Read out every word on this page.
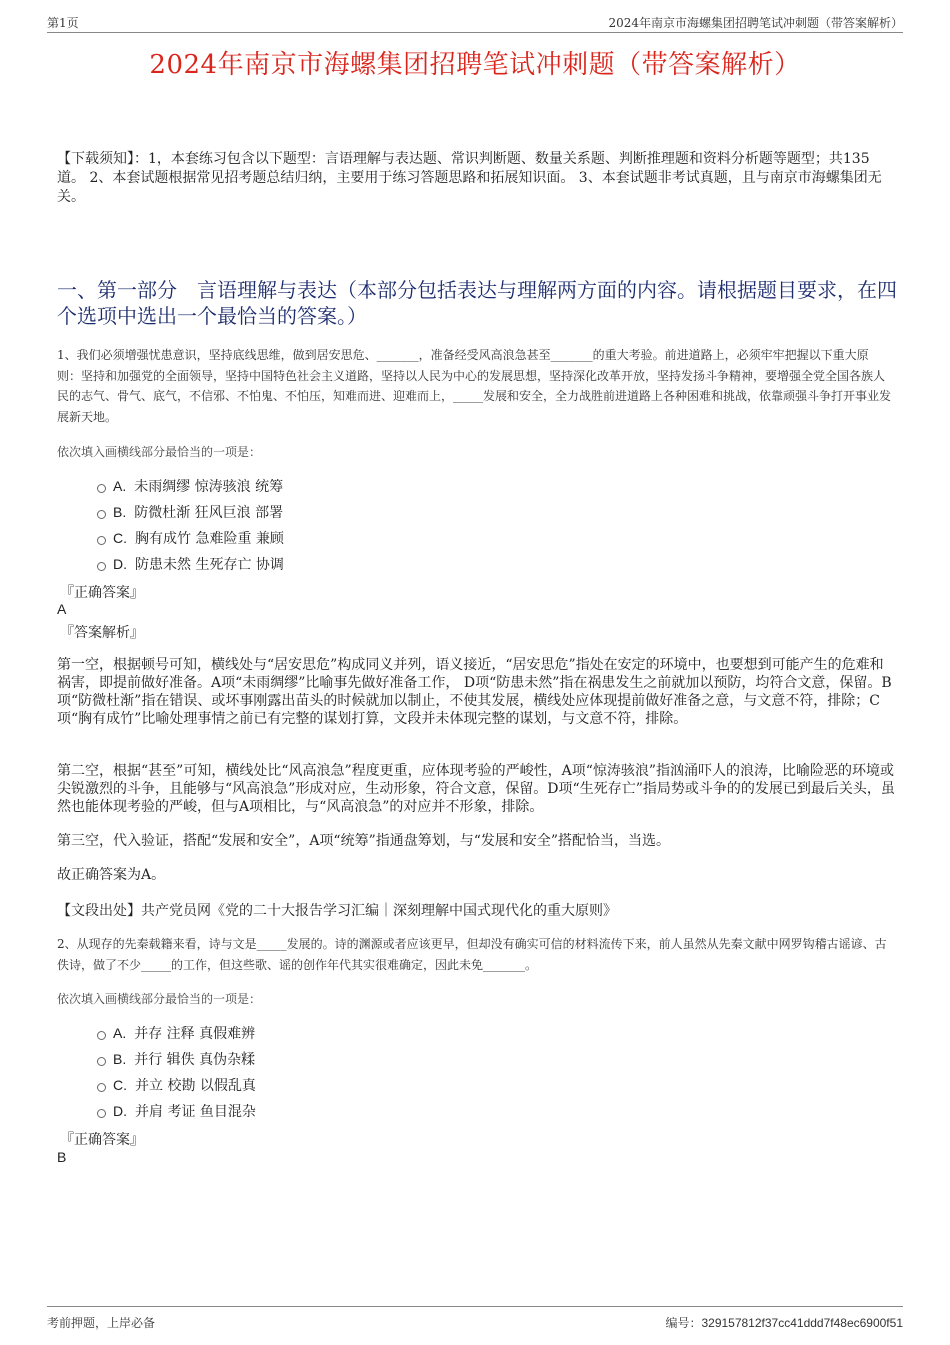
第1页	2024年南京市海螺集团招聘笔试冲刺题（带答案解析）
2024年南京市海螺集团招聘笔试冲刺题（带答案解析）
【下载须知】：1，本套练习包含以下题型：言语理解与表达题、常识判断题、数量关系题、判断推理题和资料分析题等题型；共135道。 2、本套试题根据常见招考题总结归纳，主要用于练习答题思路和拓展知识面。 3、本套试题非考试真题，且与南京市海螺集团无关。
一、第一部分　言语理解与表达（本部分包括表达与理解两方面的内容。请根据题目要求，在四个选项中选出一个最恰当的答案。）
1、我们必须增强忧患意识，坚持底线思维，做到居安思危、_______，准备经受风高浪急甚至_______的重大考验。前进道路上，必须牢牢把握以下重大原则：坚持和加强党的全面领导，坚持中国特色社会主义道路，坚持以人民为中心的发展思想，坚持深化改革开放，坚持发扬斗争精神，要增强全党全国各族人民的志气、骨气、底气，不信邪、不怕鬼、不怕压，知难而进、迎难而上，_____发展和安全，全力战胜前进道路上各种困难和挑战，依靠顽强斗争打开事业发展新天地。
依次填入画横线部分最恰当的一项是：
A. 未雨绸缪 惊涛骇浪 统筹
B. 防微杜渐 狂风巨浪 部署
C. 胸有成竹 急难险重 兼顾
D. 防患未然 生死存亡 协调
『正确答案』
A
『答案解析』
第一空，根据顿号可知，横线处与“居安思危”构成同义并列，语义接近，“居安思危”指处在安定的环境中，也要想到可能产生的危难和祸害，即提前做好准备。A项“未雨绸缪”比喻事先做好准备工作， D项“防患未然”指在祸患发生之前就加以预防，均符合文意，保留。B项“防微杜渐”指在错误、或坏事刚露出苗头的时候就加以制止，不使其发展，横线处应体现提前做好准备之意，与文意不符，排除；C项“胸有成竹”比喻处理事情之前已有完整的谋划打算，文段并未体现完整的谋划，与文意不符，排除。
第二空，根据“甚至”可知，横线处比“风高浪急”程度更重，应体现考验的严峻性，A项“惊涛骇浪”指汹涌吓人的浪涛，比喻险恶的环境或尖锐激烈的斗争，且能够与“风高浪急”形成对应，生动形象，符合文意，保留。D项“生死存亡”指局势或斗争的的发展已到最后关头，虽然也能体现考验的严峻，但与A项相比，与“风高浪急”的对应并不形象，排除。
第三空，代入验证，搭配“发展和安全”，A项“统筹”指通盘筹划，与“发展和安全”搭配恰当，当选。
故正确答案为A。
【文段出处】共产党员网《党的二十大报告学习汇编｜深刻理解中国式现代化的重大原则》
2、从现存的先秦载籍来看，诗与文是_____发展的。诗的渊源或者应该更早，但却没有确实可信的材料流传下来，前人虽然从先秦文献中网罗钩稽古谣谚、古佚诗，做了不少_____的工作，但这些歌、谣的创作年代其实很难确定，因此未免_______。
依次填入画横线部分最恰当的一项是：
A. 并存 注释 真假难辨
B. 并行 辑佚 真伪杂糅
C. 并立 校勘 以假乱真
D. 并肩 考证 鱼目混杂
『正确答案』
B
考前押题，上岸必备	编号：329157812f37cc41ddd7f48ec6900f51
